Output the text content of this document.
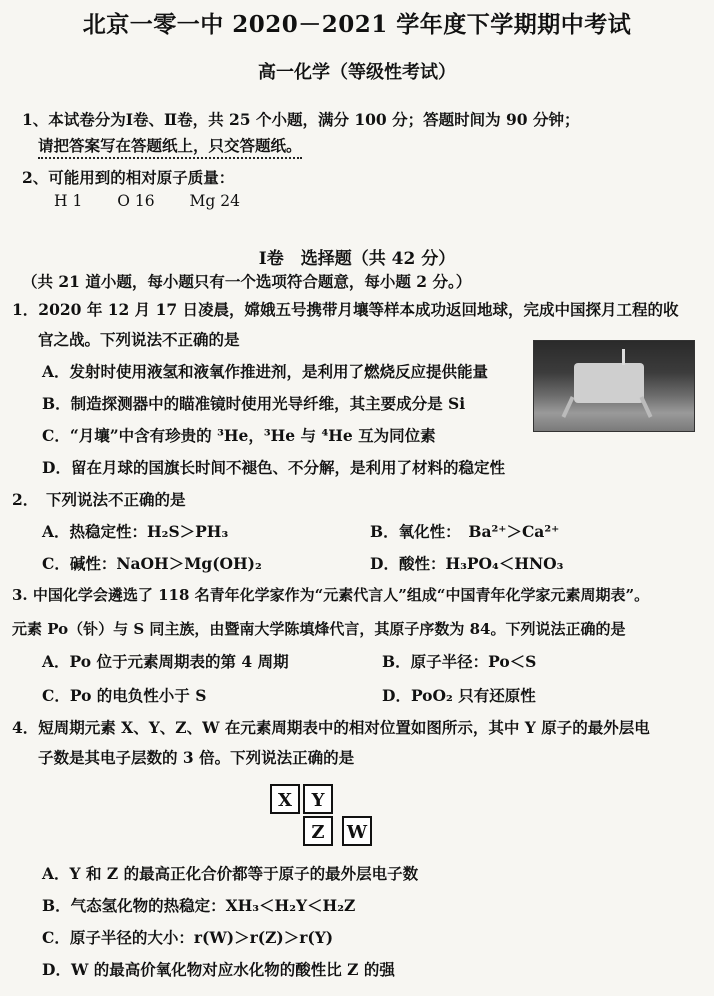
北京一零一中 2020－2021 学年度下学期期中考试
高一化学（等级性考试）
1、本试卷分为Ⅰ卷、Ⅱ卷，共 25 个小题，满分 100 分；答题时间为 90 分钟；
请把答案写在答题纸上，只交答题纸。
2、可能用到的相对原子质量：
H 1 O 16 Mg 24
Ⅰ卷　选择题（共 42 分）
（共 21 道小题，每小题只有一个选项符合题意，每小题 2 分。）
1．2020 年 12 月 17 日凌晨，嫦娥五号携带月壤等样本成功返回地球，完成中国探月工程的收
官之战。下列说法不正确的是
A．发射时使用液氢和液氧作推进剂，是利用了燃烧反应提供能量
B．制造探测器中的瞄准镜时使用光导纤维，其主要成分是 Si
C．“月壤”中含有珍贵的 ³He，³He 与 ⁴He 互为同位素
D．留在月球的国旗长时间不褪色、不分解，是利用了材料的稳定性
2．　下列说法不正确的是
A．热稳定性：H₂S＞PH₃	B．氧化性：　Ba²⁺＞Ca²⁺
C．碱性：NaOH＞Mg(OH)₂	D．酸性：H₃PO₄＜HNO₃
3. 中国化学会遴选了 118 名青年化学家作为“元素代言人”组成“中国青年化学家元素周期表”。
元素 Po（钋）与 S 同主族，由暨南大学陈填烽代言，其原子序数为 84。下列说法正确的是
A．Po 位于元素周期表的第 4 周期	B．原子半径：Po＜S
C．Po 的电负性小于 S	D．PoO₂ 只有还原性
4．短周期元素 X、Y、Z、W 在元素周期表中的相对位置如图所示，其中 Y 原子的最外层电
子数是其电子层数的 3 倍。下列说法正确的是
X	Y
Z	W
A．Y 和 Z 的最高正化合价都等于原子的最外层电子数
B．气态氢化物的热稳定：XH₃＜H₂Y＜H₂Z
C．原子半径的大小：r(W)＞r(Z)＞r(Y)
D．W 的最高价氧化物对应水化物的酸性比 Z 的强
